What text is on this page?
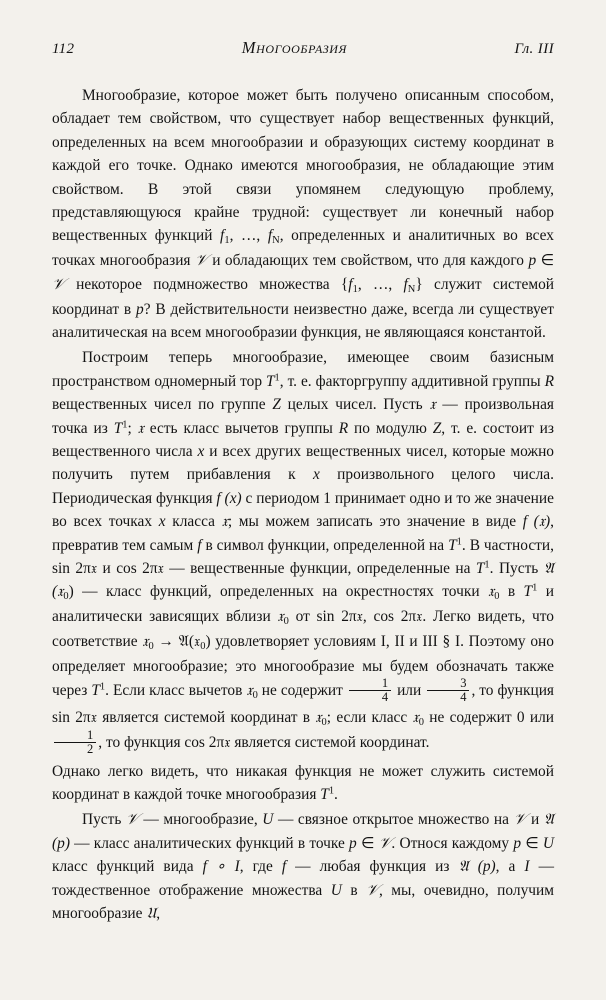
112	Многообразия	Гл. III

Многообразие, которое может быть получено описанным способом, обладает тем свойством, что существует набор вещественных функций, определенных на всем многообразии и образующих систему координат в каждой его точке. Однако имеются многообразия, не обладающие этим свойством. В этой связи упомянем следующую проблему, представляющуюся крайне трудной: существует ли конечный набор вещественных функций $f_1$, …, $f_N$, определенных и аналитичных во всех точках многообразия 𝒱 и обладающих тем свойством, что для каждого p ∈ 𝒱 некоторое подмножество множества {$f_1$, …, $f_N$} служит системой координат в p? В действительности неизвестно даже, всегда ли существует аналитическая на всем многообразии функция, не являющаяся константой.

Построим теперь многообразие, имеющее своим базисным пространством одномерный тор $T^1$, т. е. факторгруппу аддитивной группы R вещественных чисел по группе Z целых чисел. Пусть 𝔵 — произвольная точка из $T^1$; 𝔵 есть класс вычетов группы R по модулю Z, т. е. состоит из вещественного числа x и всех других вещественных чисел, которые можно получить путем прибавления к x произвольного целого числа. Периодическая функция f (x) с периодом 1 принимает одно и то же значение во всех точках x класса 𝔵; мы можем записать это значение в виде f (𝔵), превратив тем самым f в символ функции, определенной на $T^1$. В частности, sin 2π𝔵 и cos 2π𝔵 — вещественные функции, определенные на $T^1$. Пусть 𝔄 (𝔵$_0$) — класс функций, определенных на окрестностях точки 𝔵$_0$ в $T^1$ и аналитически зависящих вблизи 𝔵$_0$ от sin 2π𝔵, cos 2π𝔵. Легко видеть, что соответствие 𝔵$_0$ → 𝔄(𝔵$_0$) удовлетворяет условиям I, II и III § I. Поэтому оно определяет многообразие; это многообразие мы будем обозначать также через $T^1$. Если класс вычетов 𝔵$_0$ не содержит $\frac{1}{4}$ или $\frac{3}{4}$ , то функция sin 2π𝔵 является системой координат в 𝔵$_0$; если класс 𝔵$_0$ не содержит 0 или
$\frac{1}{2}$ , то функция cos 2π𝔵 является системой координат.

Однако легко видеть, что никакая функция не может служить системой координат в каждой точке многообразия $T^1$.

Пусть 𝒱 — многообразие, U — связное открытое множество на 𝒱 и 𝔄 (p) — класс аналитических функций в точке p ∈ 𝒱. Относя каждому p ∈ U класс функций вида f ∘ I, где f — любая функция из 𝔄 (p), а I — тождественное отображение множества U в 𝒱, мы, очевидно, получим многообразие 𝔘,
